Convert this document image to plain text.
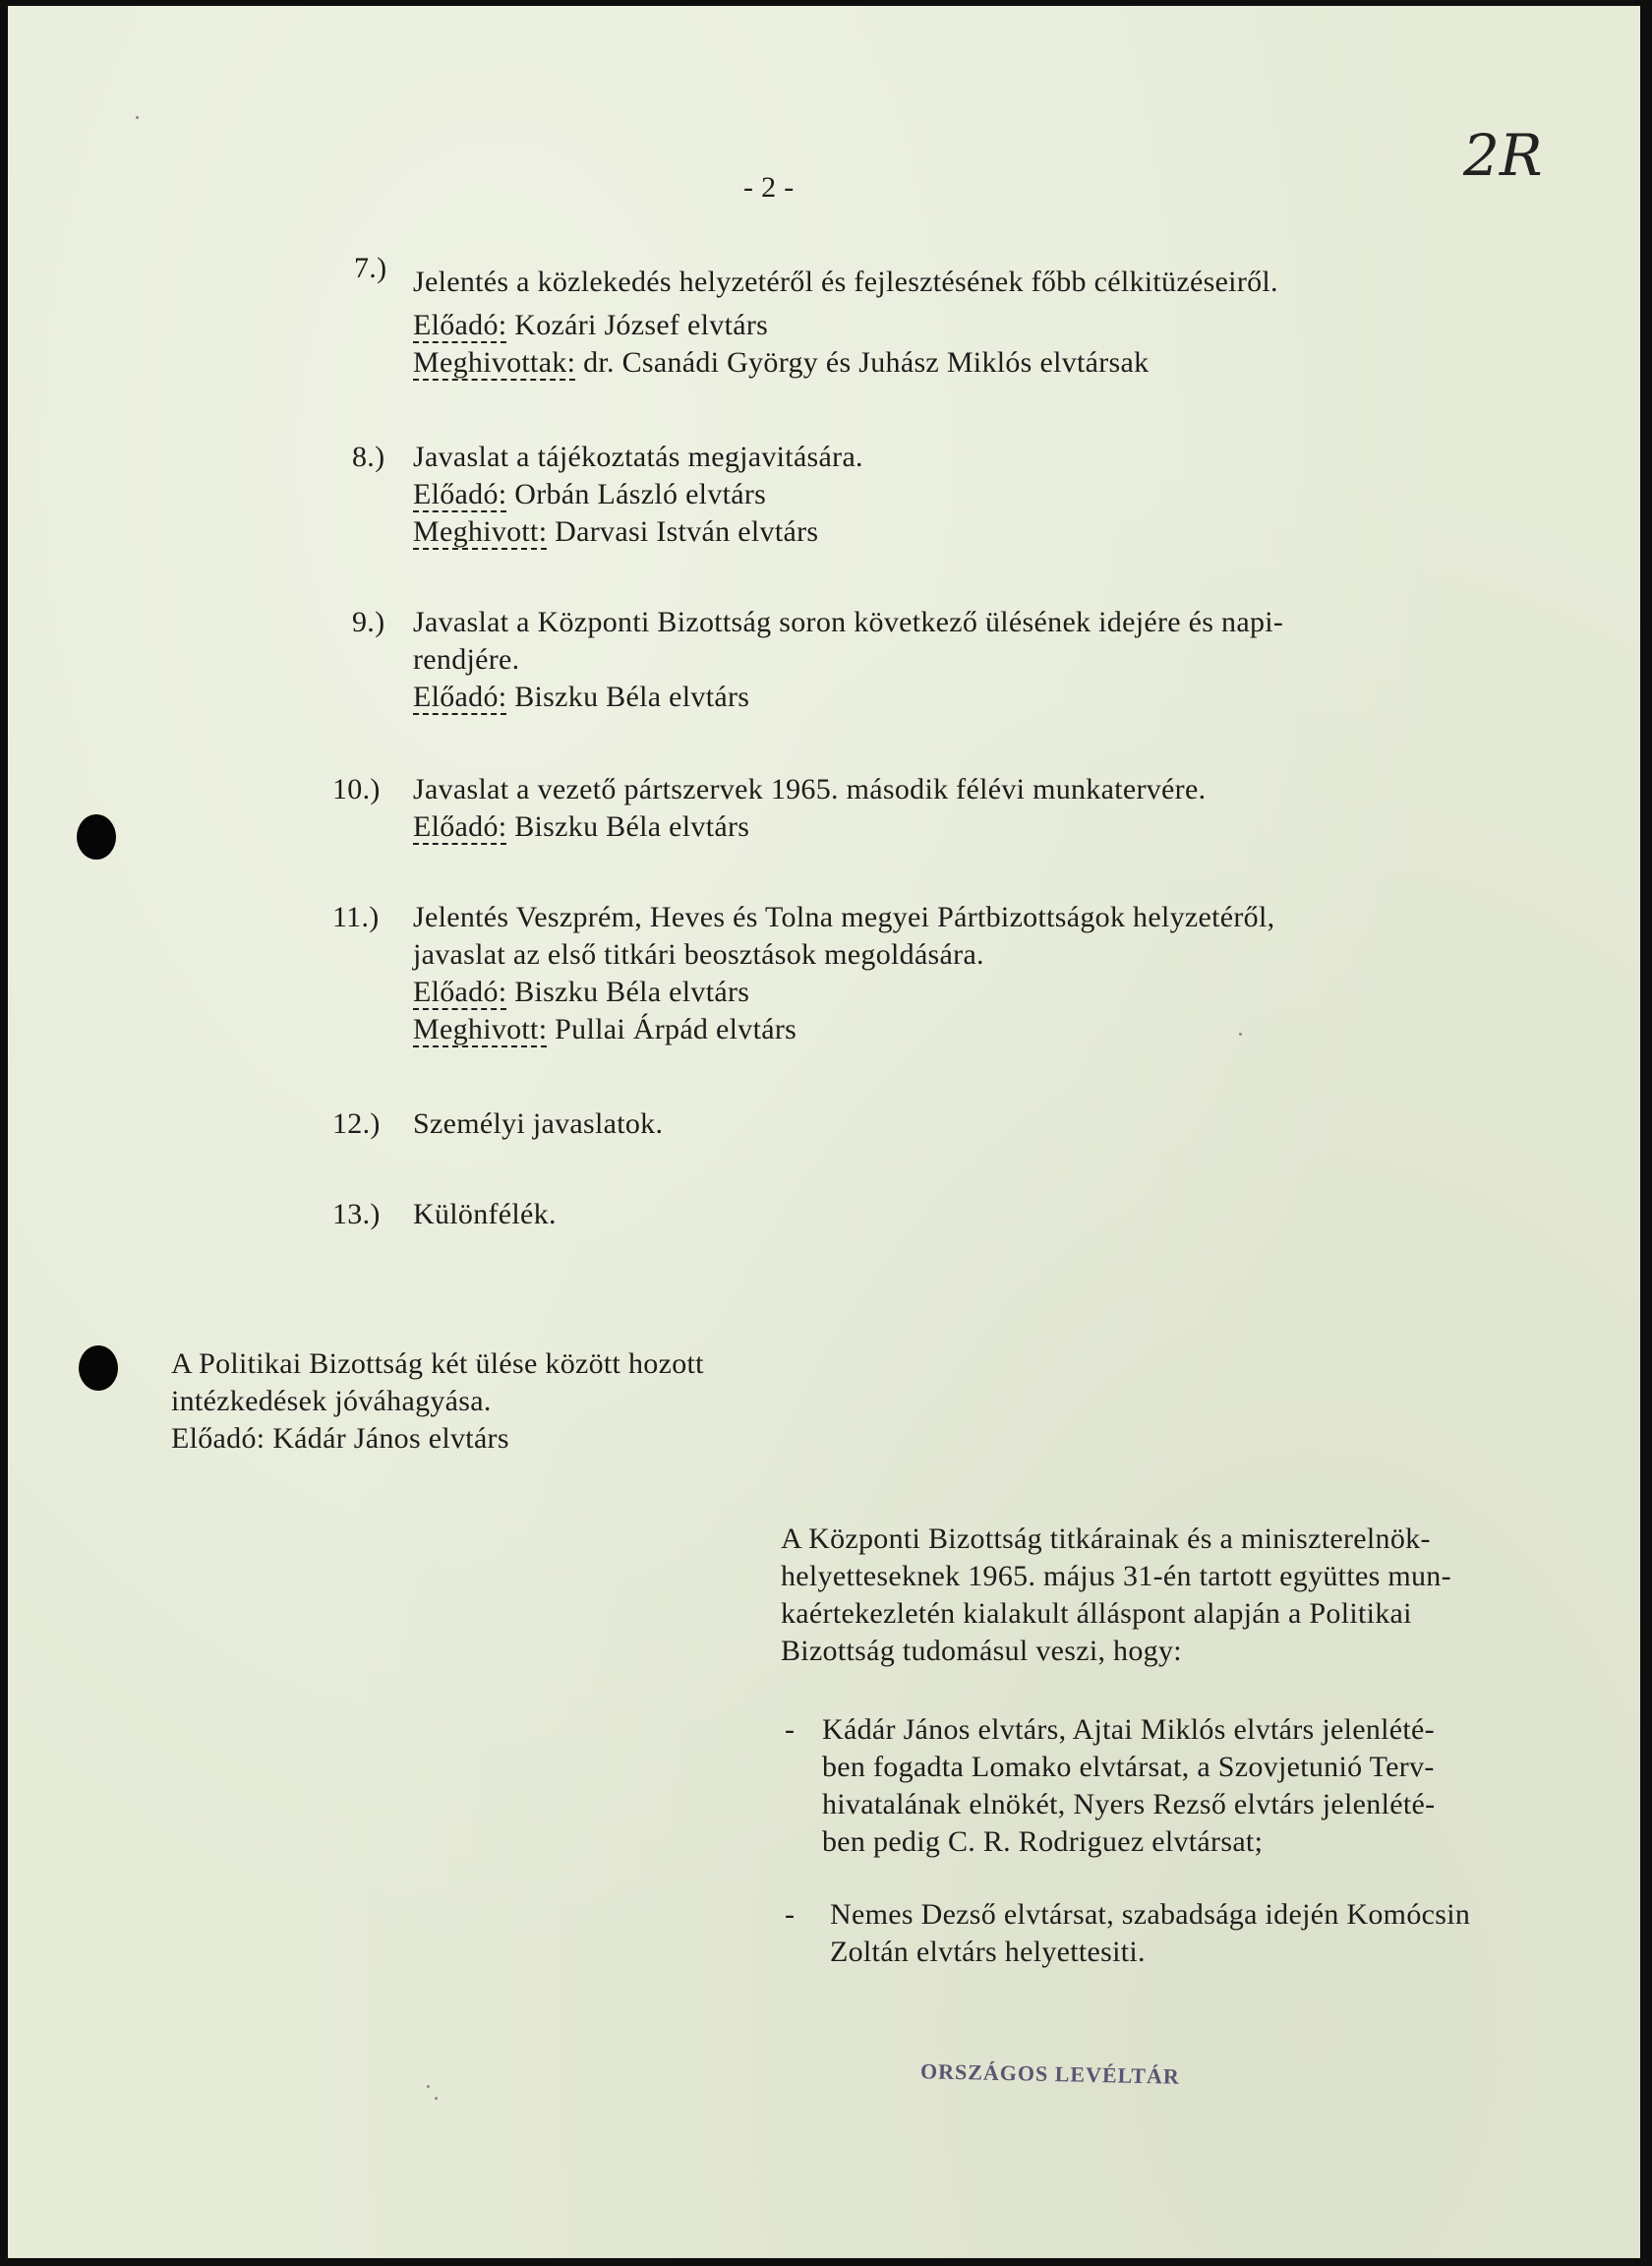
- 2 -	2R
7.) Jelentés a közlekedés helyzetéről és fejlesztésének főbb célkitüzéseiről.
Előadó: Kozári József elvtárs
Meghivottak: dr. Csanádi György és Juhász Miklós elvtársak
8.) Javaslat a tájékoztatás megjavitására.
Előadó: Orbán László elvtárs
Meghivott: Darvasi István elvtárs
9.) Javaslat a Központi Bizottság soron következő ülésének idejére és napi-
rendjére.
Előadó: Biszku Béla elvtárs
10.) Javaslat a vezető pártszervek 1965. második félévi munkatervére.
Előadó: Biszku Béla elvtárs
11.) Jelentés Veszprém, Heves és Tolna megyei Pártbizottságok helyzetéről,
javaslat az első titkári beosztások megoldására.
Előadó: Biszku Béla elvtárs
Meghivott: Pullai Árpád elvtárs
12.) Személyi javaslatok.
13.) Különfélék.
A Politikai Bizottság két ülése között hozott
intézkedések jóváhagyása.
Előadó: Kádár János elvtárs
A Központi Bizottság titkárainak és a miniszterelnök-
helyetteseknek 1965. május 31-én tartott együttes mun-
kaértekezletén kialakult álláspont alapján a Politikai
Bizottság tudomásul veszi, hogy:
- Kádár János elvtárs, Ajtai Miklós elvtárs jelenlété-
ben fogadta Lomako elvtársat, a Szovjetunió Terv-
hivatalának elnökét, Nyers Rezső elvtárs jelenlété-
ben pedig C. R. Rodriguez elvtársat;
- Nemes Dezső elvtársat, szabadsága idején Komócsin
Zoltán elvtárs helyettesiti.
ORSZÁGOS LEVÉLTÁR
